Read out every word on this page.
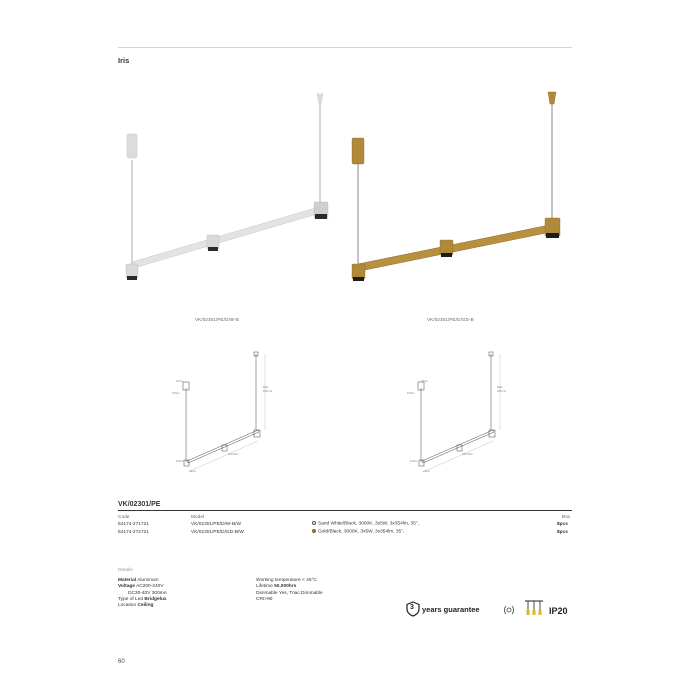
Iris
VK/02301/PE/D/W-B	VK/02301/PE/D/GD-B
ø7cm
9.5cm
Max 150 cm
120.5cm
5.5cm
ø4cm
ø7cm
9.5cm
Max 150 cm
120.5cm
5.5cm
ø4cm
VK/02301/PE
Code	Model	Box
64174-271721	VK/02301/PE/D/W-B/W	Sand White/Black, 3000K, 3x5W, 3x354lm, 35°,	8pcs
64174-272721	VK/02301/PE/D/GD-B/W	Gold/Black, 3000K, 3x5W, 3x354lm, 35°,	8pcs
Details
Material Aluminum
Voltage AC200-240V
DC30-40V 300mA
Type of Led Bridgelux
Location Ceiling
Working temperature < 45°C
Lifetime 50.000hrs
Dimmable Yes, Triac Dimmable
CRI>90
3 years guarantee	IP20
60
